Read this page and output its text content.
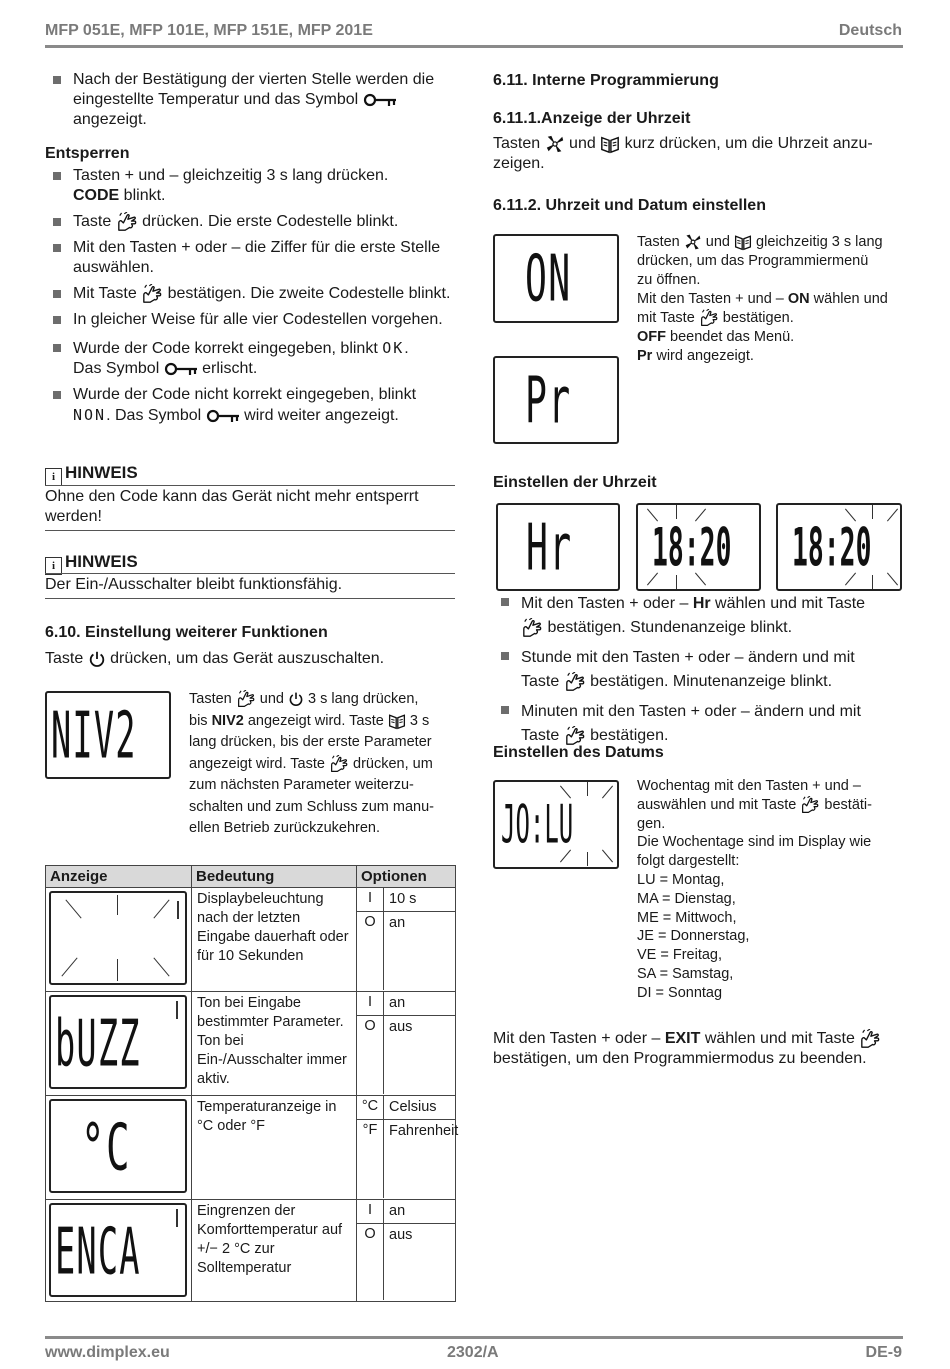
MFP 051E, MFP 101E, MFP 151E, MFP 201E	Deutsch
Nach der Bestätigung der vierten Stelle werden die eingestellte Temperatur und das Symbol
angezeigt.
Entsperren
Tasten + und – gleichzeitig 3 s lang drücken.
CODE blinkt.
Taste  drücken. Die erste Codestelle blinkt.
Mit den Tasten + oder – die Ziffer für die erste Stelle auswählen.
Mit Taste  bestätigen. Die zweite Codestelle blinkt.
In gleicher Weise für alle vier Codestellen vorgehen.
Wurde der Code korrekt eingegeben, blinkt OK.
Das Symbol  erlischt.
Wurde der Code nicht korrekt eingegeben, blinkt
NON. Das Symbol  wird weiter angezeigt.
i HINWEIS
Ohne den Code kann das Gerät nicht mehr entsperrt werden!
i HINWEIS
Der Ein-/Ausschalter bleibt funktionsfähig.
6.10. Einstellung weiterer Funktionen
Taste  drücken, um das Gerät auszuschalten.
NIV2	Tasten  und  3 s lang drücken,
bis NIV2 angezeigt wird. Taste  3 s
lang drücken, bis der erste Parameter
angezeigt wird. Taste  drücken, um
zum nächsten Parameter weiterzu-
schalten und zum Schluss zum manu-
ellen Betrieb zurückzukehren.
Anzeige	Bedeutung	Optionen

	Displaybeleuchtung nach der letzten Eingabe dauerhaft oder für 10 Sekunden	I 10 s
O an

bUZZ	Ton bei Eingabe bestimmter Parameter. Ton bei Ein-/Ausschalter immer aktiv.	I an
O aus

°C	Temperaturanzeige in °C oder °F	°C Celsius
°F Fahrenheit

ENCA	Eingrenzen der Komforttemperatur auf +/− 2 °C zur Solltemperatur	I an
O aus
6.11. Interne Programmierung
6.11.1.Anzeige der Uhrzeit
Tasten  und  kurz drücken, um die Uhrzeit anzu-
zeigen.
6.11.2. Uhrzeit und Datum einstellen
ON
Pr
Tasten  und  gleichzeitig 3 s lang
drücken, um das Programmiermenü
zu öffnen.
Mit den Tasten + und – ON wählen und
mit Taste  bestätigen.
OFF beendet das Menü.
Pr wird angezeigt.
Einstellen der Uhrzeit
Hr 18:20 18:20
Mit den Tasten + oder – Hr wählen und mit Taste
bestätigen. Stundenanzeige blinkt.
Stunde mit den Tasten + oder – ändern und mit
Taste  bestätigen. Minutenanzeige blinkt.
Minuten mit den Tasten + oder – ändern und mit
Taste  bestätigen.
Einstellen des Datums
JO:LU
Wochentag mit den Tasten + und –
auswählen und mit Taste bestäti-
gen.
Die Wochentage sind im Display wie
folgt dargestellt:
LU = Montag,
MA = Dienstag,
ME = Mittwoch,
JE = Donnerstag,
VE = Freitag,
SA = Samstag,
DI = Sonntag
Mit den Tasten + oder – EXIT wählen und mit Taste
bestätigen, um den Programmiermodus zu beenden.
www.dimplex.eu	2302/A	DE-9
